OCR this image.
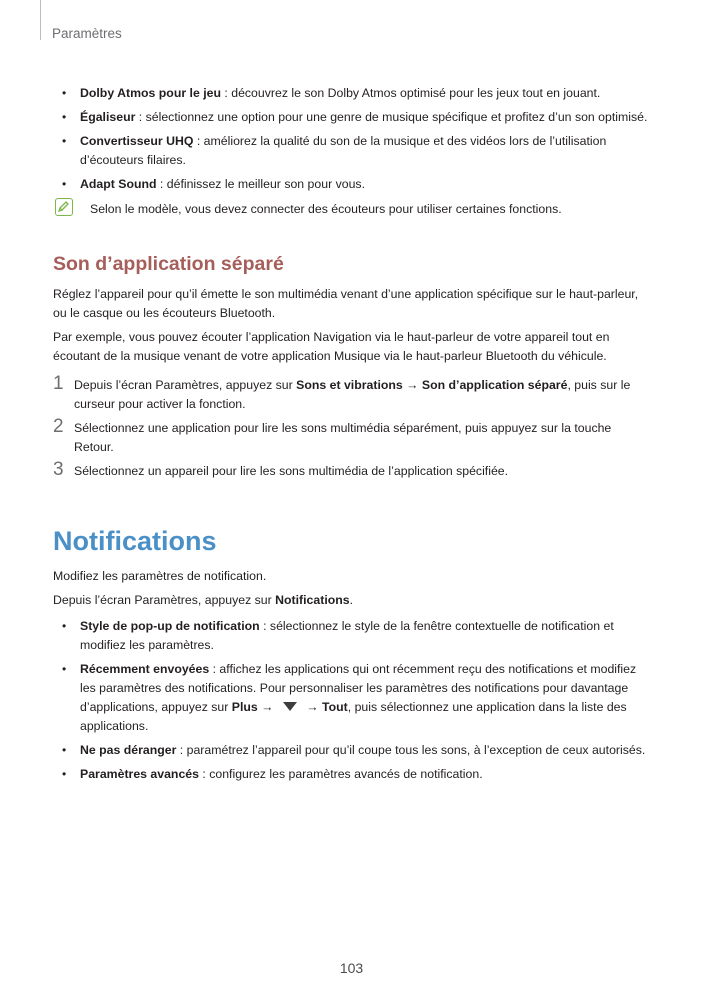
Paramètres
• Dolby Atmos pour le jeu : découvrez le son Dolby Atmos optimisé pour les jeux tout en jouant.
• Égaliseur : sélectionnez une option pour une genre de musique spécifique et profitez d’un son optimisé.
• Convertisseur UHQ : améliorez la qualité du son de la musique et des vidéos lors de l’utilisation d’écouteurs filaires.
• Adapt Sound : définissez le meilleur son pour vous.
Selon le modèle, vous devez connecter des écouteurs pour utiliser certaines fonctions.
Son d’application séparé

Réglez l’appareil pour qu’il émette le son multimédia venant d’une application spécifique sur le haut-parleur, ou le casque ou les écouteurs Bluetooth.

Par exemple, vous pouvez écouter l’application Navigation via le haut-parleur de votre appareil tout en écoutant de la musique venant de votre application Musique via le haut-parleur Bluetooth du véhicule.

1 Depuis l’écran Paramètres, appuyez sur Sons et vibrations → Son d’application séparé, puis sur le curseur pour activer la fonction.
2 Sélectionnez une application pour lire les sons multimédia séparément, puis appuyez sur la touche Retour.
3 Sélectionnez un appareil pour lire les sons multimédia de l’application spécifiée.
Notifications

Modifiez les paramètres de notification.

Depuis l’écran Paramètres, appuyez sur Notifications.

• Style de pop-up de notification : sélectionnez le style de la fenêtre contextuelle de notification et modifiez les paramètres.
• Récemment envoyées : affichez les applications qui ont récemment reçu des notifications et modifiez les paramètres des notifications. Pour personnaliser les paramètres des notifications pour davantage d’applications, appuyez sur Plus →  → Tout, puis sélectionnez une application dans la liste des applications.
• Ne pas déranger : paramétrez l’appareil pour qu’il coupe tous les sons, à l’exception de ceux autorisés.
• Paramètres avancés : configurez les paramètres avancés de notification.
103
